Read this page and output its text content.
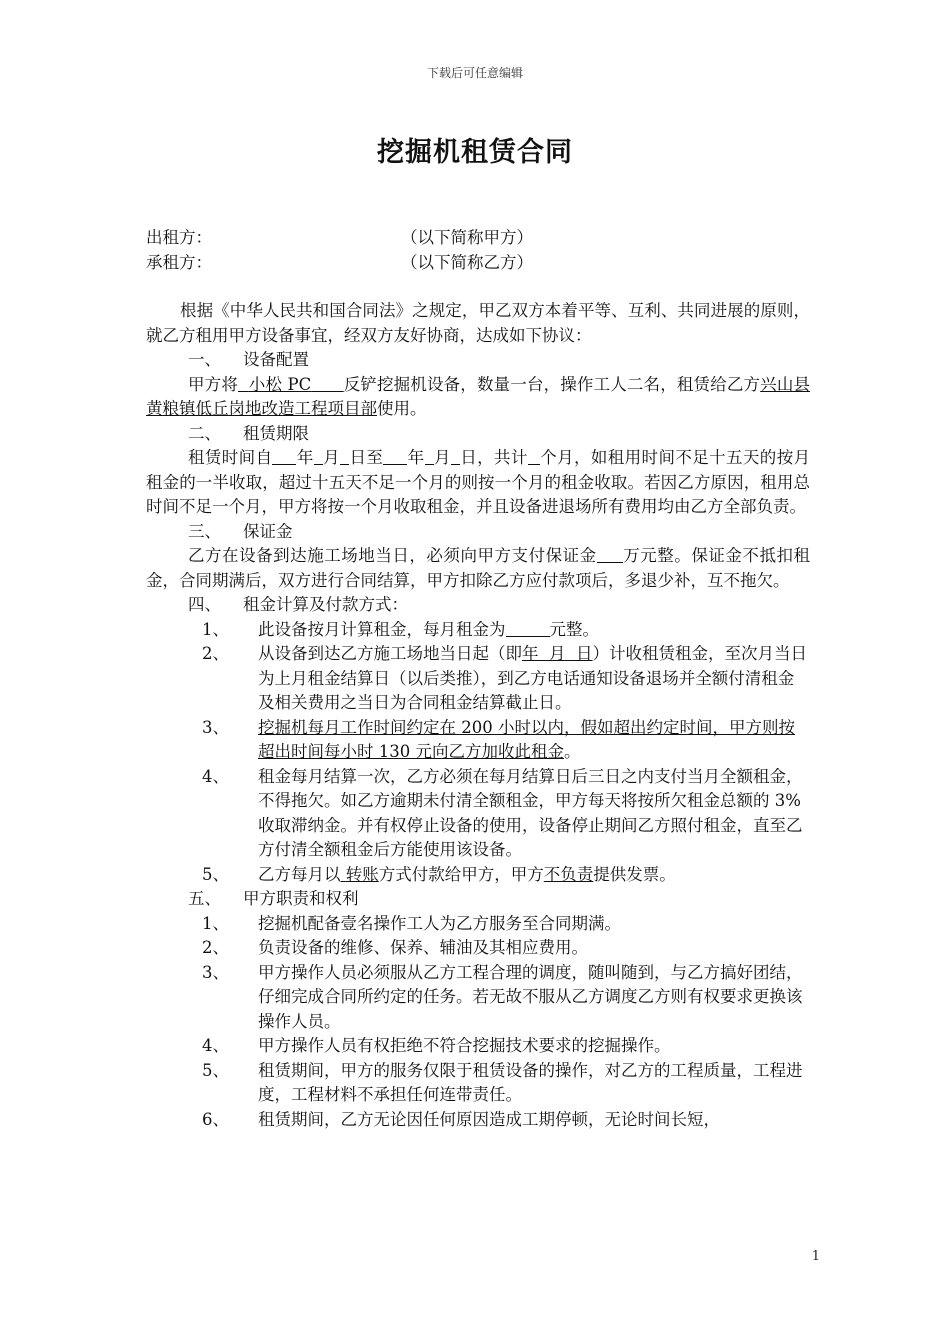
下载后可任意编辑
挖掘机租赁合同
出租方：	（以下简称甲方）
承租方：	（以下简称乙方）
根据《中华人民共和国合同法》之规定，甲乙双方本着平等、互利、共同进展的原则，就乙方租用甲方设备事宜，经双方友好协商，达成如下协议：
一、 设备配置
甲方将 小松 PC 反铲挖掘机设备，数量一台，操作工人二名，租赁给乙方兴山县黄粮镇低丘岗地改造工程项目部使用。
二、 租赁期限
租赁时间自 年 月 日至 年 月 日，共计 个月，如租用时间不足十五天的按月租金的一半收取，超过十五天不足一个月的则按一个月的租金收取。若因乙方原因，租用总时间不足一个月，甲方将按一个月收取租金，并且设备进退场所有费用均由乙方全部负责。
三、 保证金
乙方在设备到达施工场地当日，必须向甲方支付保证金 万元整。保证金不抵扣租金，合同期满后，双方进行合同结算，甲方扣除乙方应付款项后，多退少补，互不拖欠。
四、 租金计算及付款方式：
1、 此设备按月计算租金，每月租金为	元整。
2、 从设备到达乙方施工场地当日起（即年  月  日）计收租赁租金，至次月当日为上月租金结算日（以后类推），到乙方电话通知设备退场并全额付清租金及相关费用之当日为合同租金结算截止日。
3、 挖掘机每月工作时间约定在 200 小时以内，假如超出约定时间，甲方则按超出时间每小时 130 元向乙方加收此租金。
4、 租金每月结算一次，乙方必须在每月结算日后三日之内支付当月全额租金，不得拖欠。如乙方逾期未付清全额租金，甲方每天将按所欠租金总额的 3%收取滞纳金。并有权停止设备的使用，设备停止期间乙方照付租金，直至乙方付清全额租金后方能使用该设备。
5、 乙方每月以 转账方式付款给甲方，甲方不负责提供发票。
五、 甲方职责和权利
1、 挖掘机配备壹名操作工人为乙方服务至合同期满。
2、 负责设备的维修、保养、辅油及其相应费用。
3、 甲方操作人员必须服从乙方工程合理的调度，随叫随到，与乙方搞好团结，仔细完成合同所约定的任务。若无故不服从乙方调度乙方则有权要求更换该操作人员。
4、 甲方操作人员有权拒绝不符合挖掘技术要求的挖掘操作。
5、 租赁期间，甲方的服务仅限于租赁设备的操作，对乙方的工程质量，工程进度，工程材料不承担任何连带责任。
6、 租赁期间，乙方无论因任何原因造成工期停顿，无论时间长短，
1
